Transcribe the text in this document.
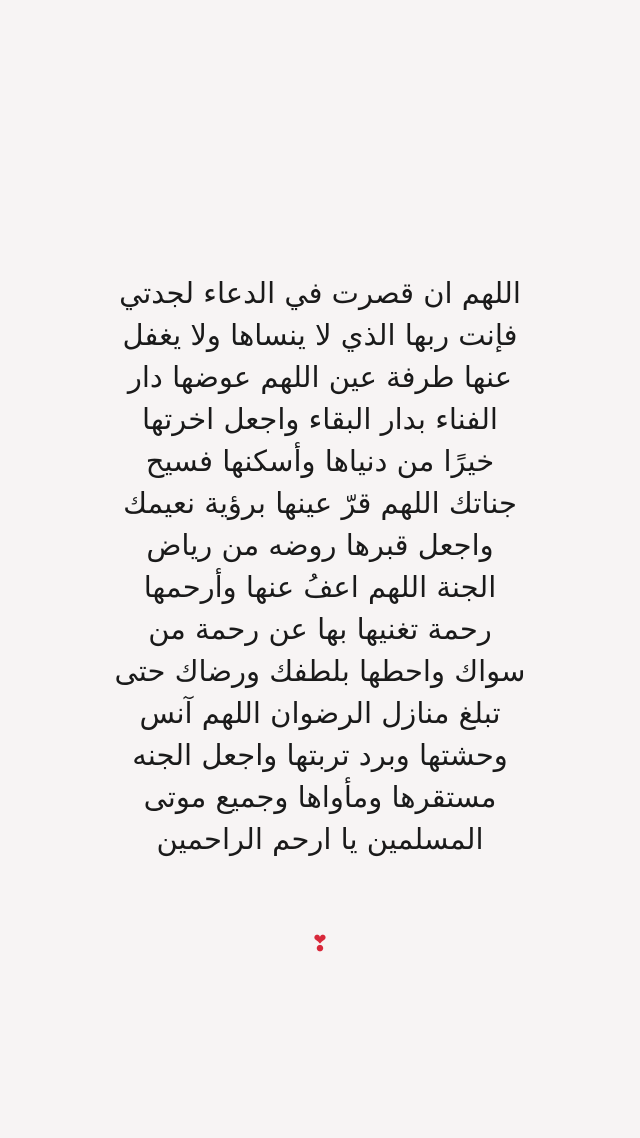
اللهم ان قصرت في الدعاء لجدتي
فإنت ربها الذي لا ينساها ولا يغفل
عنها طرفة عين اللهم عوضها دار
الفناء بدار البقاء واجعل اخرتها
خيرًا من دنياها وأسكنها فسيح
جناتك اللهم قرّ عينها برؤية نعيمك
واجعل قبرها روضه من رياض
الجنة اللهم اعفُ عنها وأرحمها
رحمة تغنيها بها عن رحمة من
سواك واحطها بلطفك ورضاك حتى
تبلغ منازل الرضوان اللهم آنس
وحشتها وبرد تربتها واجعل الجنه
مستقرها ومأواها وجميع موتى
المسلمين يا ارحم الراحمين

❣
